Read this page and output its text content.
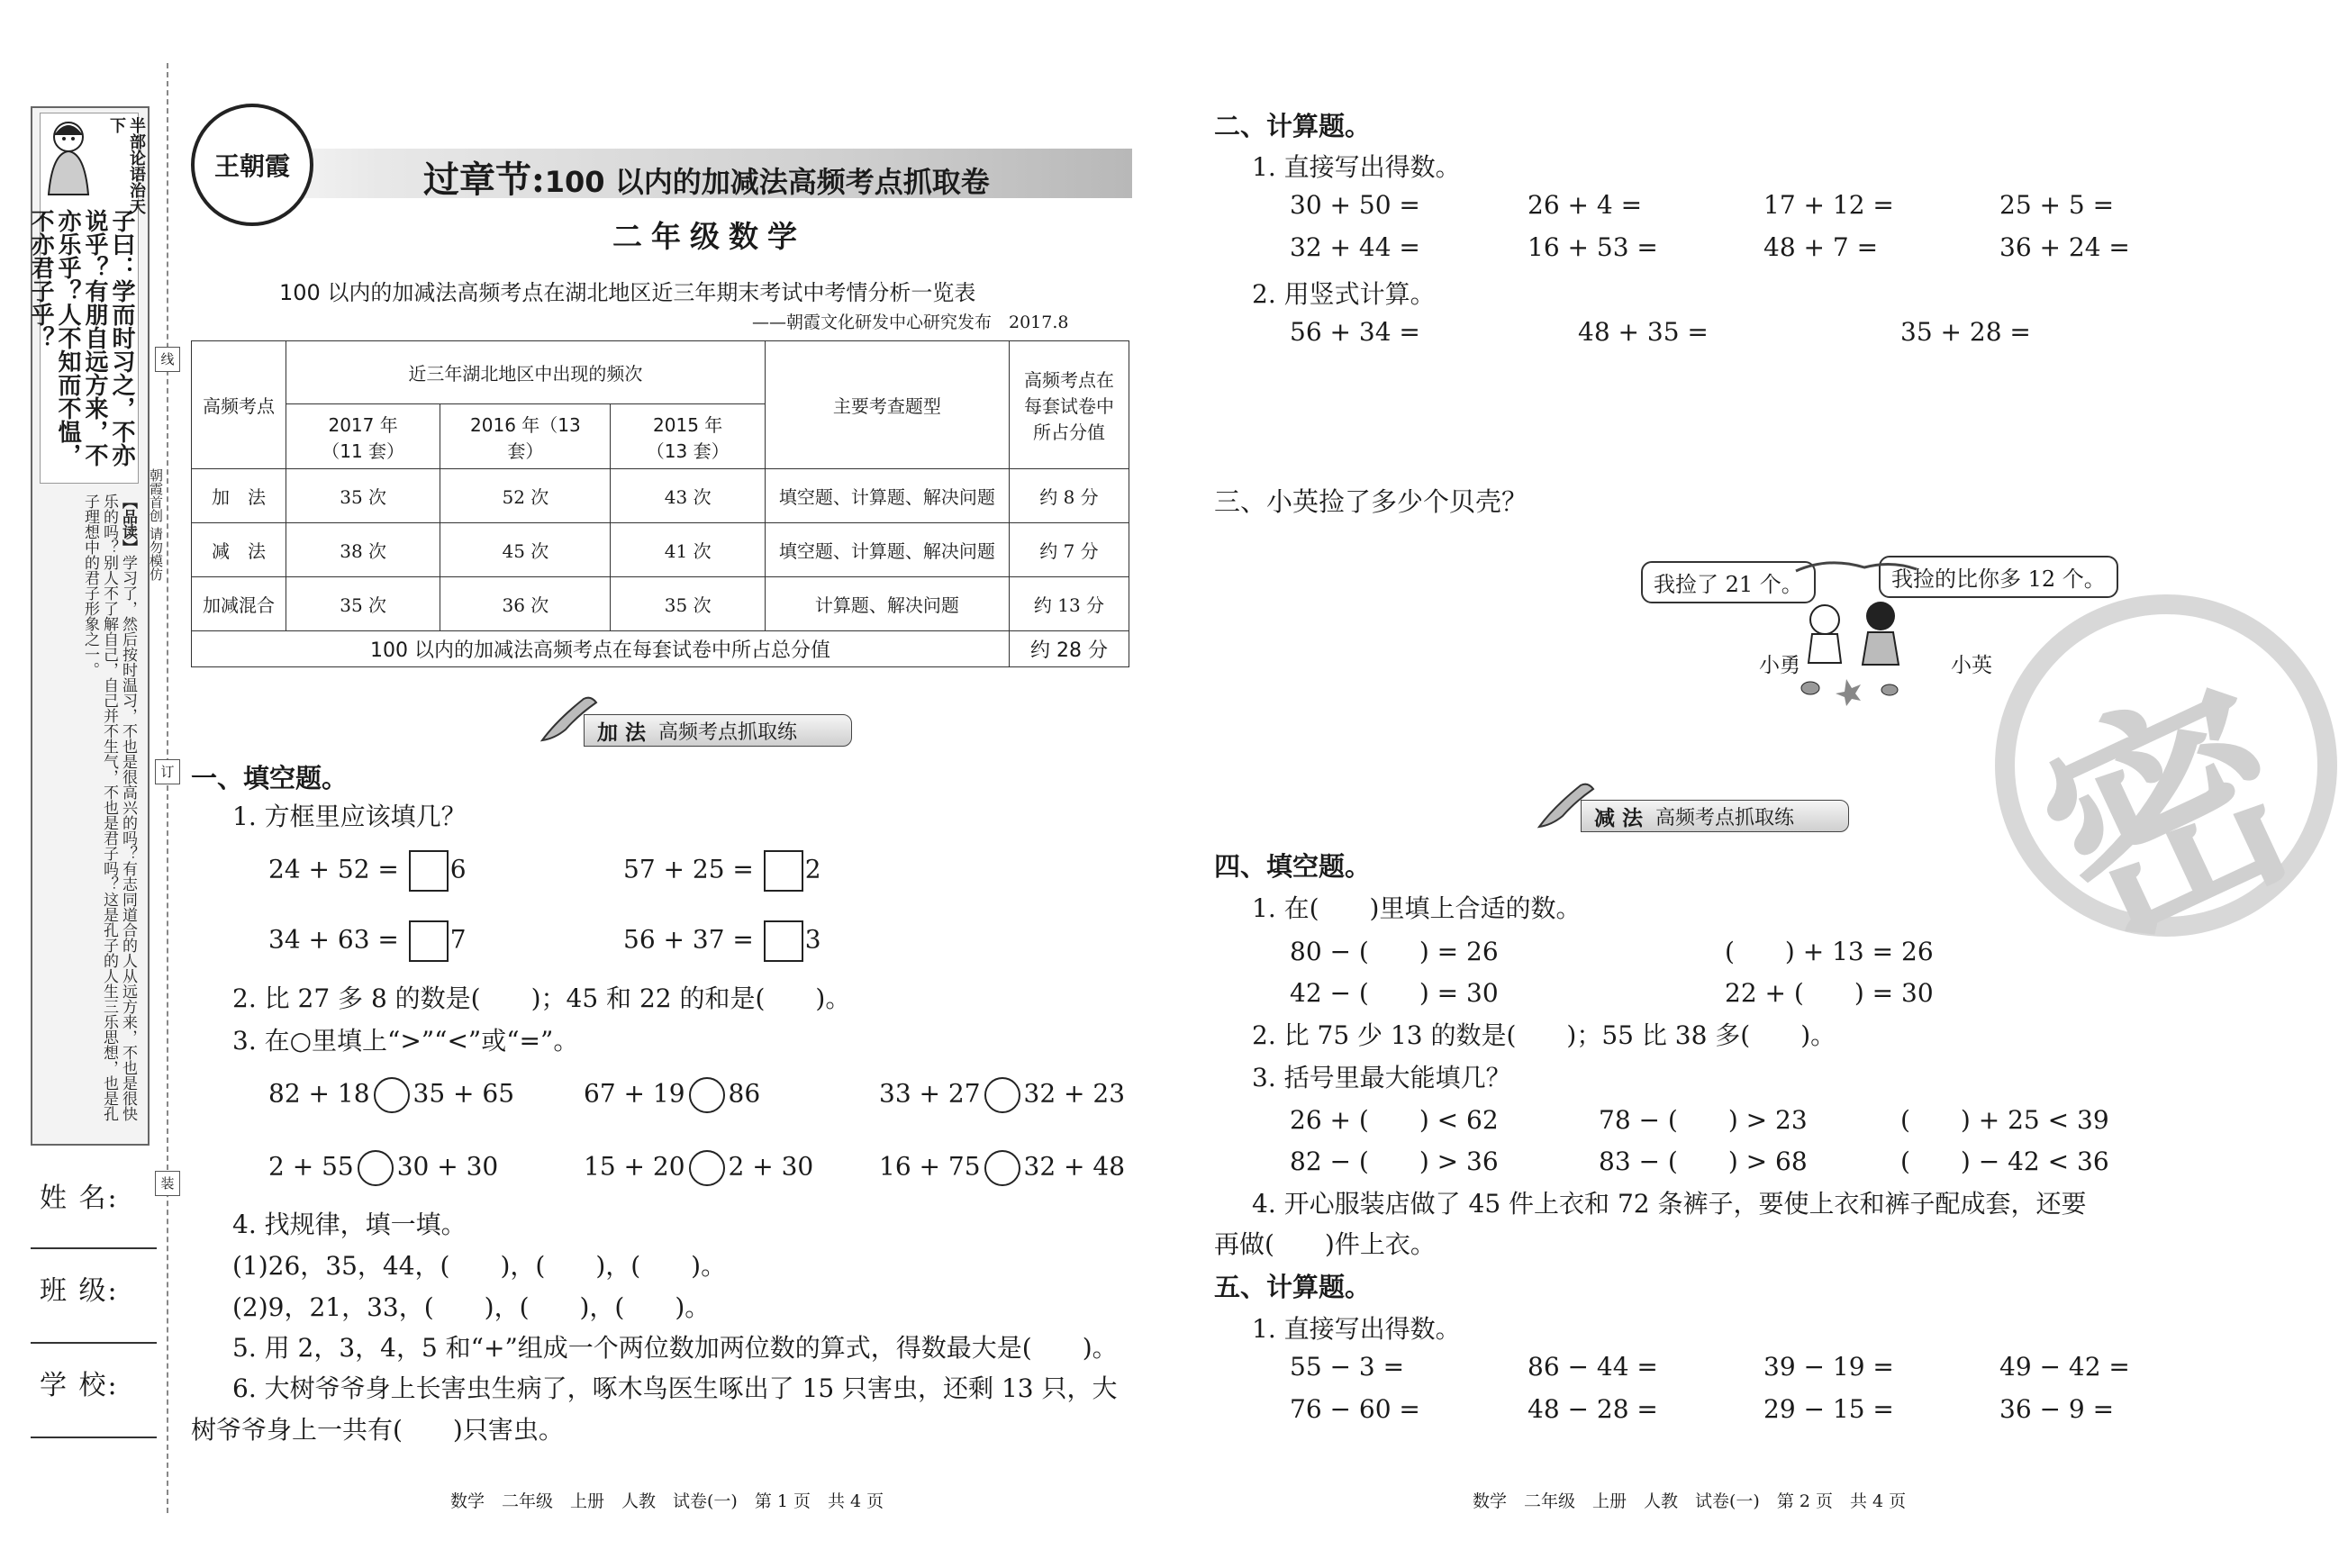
半部论语治天下
子曰：学而时习之，不亦说乎？有朋自远方来，不亦乐乎？人不知而不愠，不亦君子乎？
【品读】学习了，然后按时温习，不也是很高兴的吗？有志同道合的人从远方来，不也是很快乐的吗？别人不了解自己，自己并不生气，不也是君子吗？这是孔子的人生三乐思想，也是孔子理想中的君子形象之一。	朝霞首创 请勿模仿
线
订
装
姓 名:
班 级:
学 校:
王朝霞	过章节:100 以内的加减法高频考点抓取卷
二年级数学
100 以内的加减法高频考点在湖北地区近三年期末考试中考情分析一览表
——朝霞文化研发中心研究发布　2017.8
高频考点	近三年湖北地区中出现的频次			主要考查题型	高频考点在每套试卷中所占分值
	2017 年（11 套）	2016 年（13 套）	2015 年（13 套）		
加　法	35 次	52 次	43 次	填空题、计算题、解决问题	约 8 分
减　法	38 次	45 次	41 次	填空题、计算题、解决问题	约 7 分
加减混合	35 次	36 次	35 次	计算题、解决问题	约 13 分
100 以内的加减法高频考点在每套试卷中所占总分值					约 28 分
加 法 高频考点抓取练
一、填空题。
1. 方框里应该填几？
24 + 52 = 6	57 + 25 = 2
34 + 63 = 7	56 + 37 = 3
2. 比 27 多 8 的数是(　　)；45 和 22 的和是(　　)。
3. 在○里填上“>”“<”或“=”。
82 + 18 35 + 65	67 + 19 86	33 + 27 32 + 23
2 + 55 30 + 30	15 + 20 2 + 30	16 + 75 32 + 48
4. 找规律，填一填。
(1)26，35，44，(　　)，(　　)，(　　)。
(2)9，21，33，(　　)，(　　)，(　　)。
5. 用 2，3，4，5 和“+”组成一个两位数加两位数的算式，得数最大是(　　)。
6. 大树爷爷身上长害虫生病了，啄木鸟医生啄出了 15 只害虫，还剩 13 只，大
树爷爷身上一共有(　　)只害虫。
数学　二年级　上册　人教　试卷(一)　第 1 页　共 4 页
密
二、计算题。
1. 直接写出得数。
30 + 50 =	26 + 4 =	17 + 12 =	25 + 5 =
32 + 44 =	16 + 53 =	48 + 7 =	36 + 24 =
2. 用竖式计算。
56 + 34 =	48 + 35 =	35 + 28 =
三、小英捡了多少个贝壳？
我捡了 21 个。	我捡的比你多 12 个。
小勇	小英
减 法 高频考点抓取练
四、填空题。
1. 在(　　)里填上合适的数。
80 − (　　) = 26	(　　) + 13 = 26
42 − (　　) = 30	22 + (　　) = 30
2. 比 75 少 13 的数是(　　)；55 比 38 多(　　)。
3. 括号里最大能填几？
26 + (　　) < 62	78 − (　　) > 23	(　　) + 25 < 39
82 − (　　) > 36	83 − (　　) > 68	(　　) − 42 < 36
4. 开心服装店做了 45 件上衣和 72 条裤子，要使上衣和裤子配成套，还要
再做(　　)件上衣。
五、计算题。
1. 直接写出得数。
55 − 3 =	86 − 44 =	39 − 19 =	49 − 42 =
76 − 60 =	48 − 28 =	29 − 15 =	36 − 9 =
数学　二年级　上册　人教　试卷(一)　第 2 页　共 4 页
